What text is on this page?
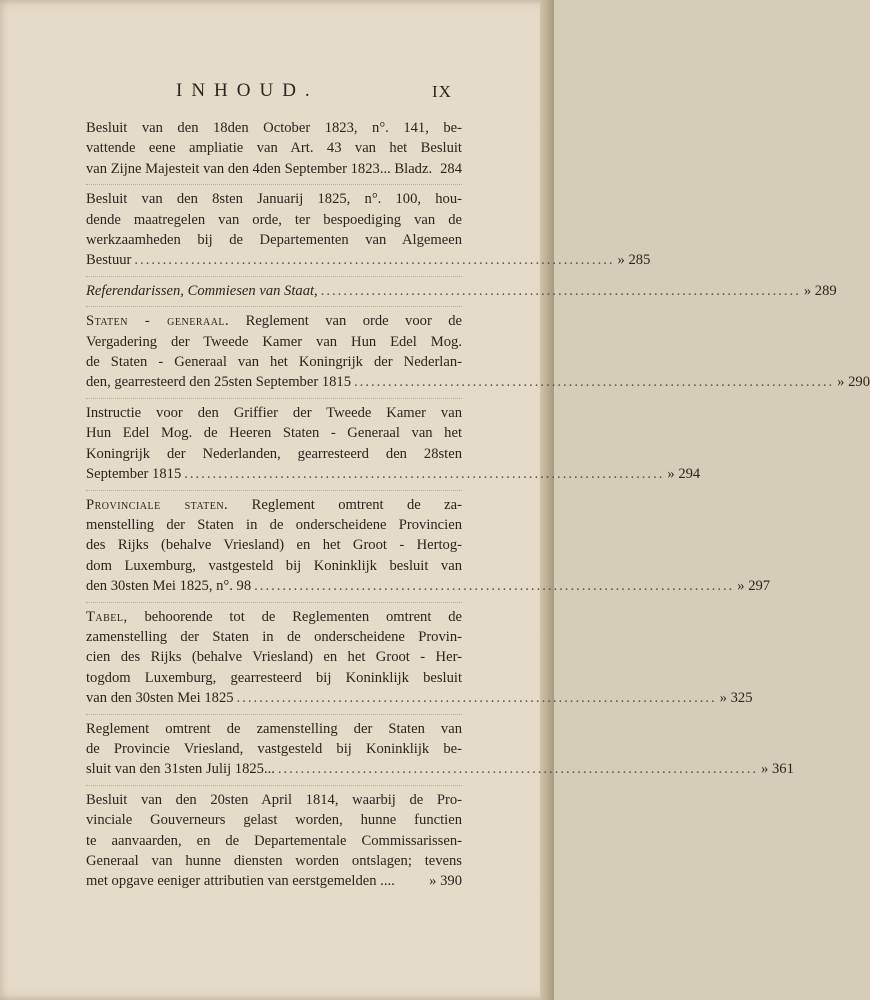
INHOUD.	IX
Besluit van den 18den October 1823, n°. 141, be-
vattende eene ampliatie van Art. 43 van het Besluit
van Zijne Majesteit van den 4den September 1823... Bladz. 284
Besluit van den 8sten Januarij 1825, n°. 100, hou-
dende maatregelen van orde, ter bespoediging van de
werkzaamheden bij de Departementen van Algemeen
Bestuur ..................................................................................... » 285
Referendarissen, Commiesen van Staat, ..................................................................................... » 289
Staten - generaal. Reglement van orde voor de
Vergadering der Tweede Kamer van Hun Edel Mog.
de Staten - Generaal van het Koningrijk der Nederlan-
den, gearresteerd den 25sten September 1815 ..................................................................................... » 290
Instructie voor den Griffier der Tweede Kamer van
Hun Edel Mog. de Heeren Staten - Generaal van het
Koningrijk der Nederlanden, gearresteerd den 28sten
September 1815 ..................................................................................... » 294
Provinciale staten. Reglement omtrent de za-
menstelling der Staten in de onderscheidene Provincien
des Rijks (behalve Vriesland) en het Groot - Hertog-
dom Luxemburg, vastgesteld bij Koninklijk besluit van
den 30sten Mei 1825, n°. 98 ..................................................................................... » 297
Tabel, behoorende tot de Reglementen omtrent de
zamenstelling der Staten in de onderscheidene Provin-
cien des Rijks (behalve Vriesland) en het Groot - Her-
togdom Luxemburg, gearresteerd bij Koninklijk besluit
van den 30sten Mei 1825 ..................................................................................... » 325
Reglement omtrent de zamenstelling der Staten van
de Provincie Vriesland, vastgesteld bij Koninklijk be-
sluit van den 31sten Julij 1825... ..................................................................................... » 361
Besluit van den 20sten April 1814, waarbij de Pro-
vinciale Gouverneurs gelast worden, hunne functien
te aanvaarden, en de Departementale Commissarissen-
Generaal van hunne diensten worden ontslagen; tevens
met opgave eeniger attributien van eerstgemelden .... » 390
